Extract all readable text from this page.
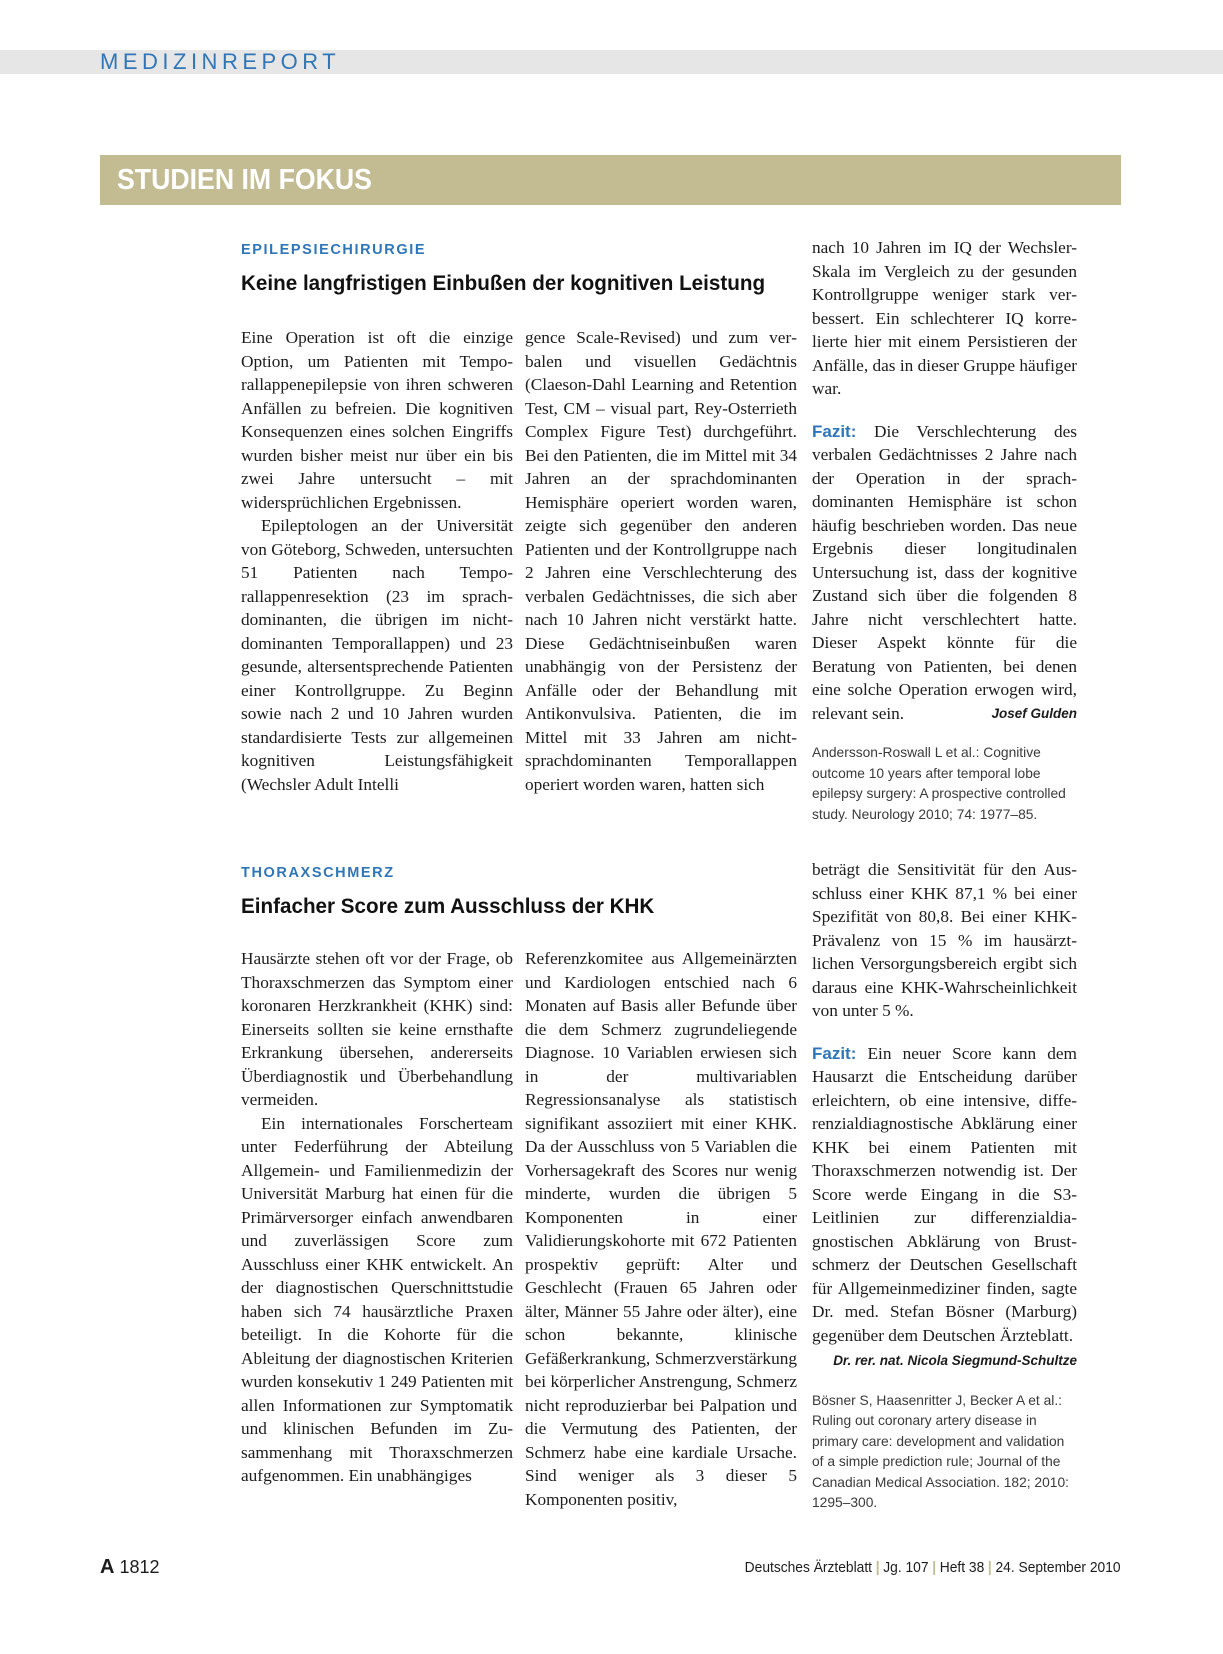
MEDIZINREPORT
STUDIEN IM FOKUS
EPILEPSIECHIRURGIE
Keine langfristigen Einbußen der kognitiven Leistung

Eine Operation ist oft die einzige Option, um Patienten mit Temporallappenepilepsie von ihren schweren Anfällen zu befreien. Die kognitiven Konsequenzen eines solchen Eingriffs wurden bisher meist nur über ein bis zwei Jahre untersucht – mit widersprüchlichen Ergebnissen.

Epileptologen an der Universität von Göteborg, Schweden, untersuchten 51 Patienten nach Temporallappenresektion (23 im sprachdominanten, die übrigen im nichtdominanten Temporallappen) und 23 gesunde, altersentsprechende Patienten einer Kontrollgruppe. Zu Beginn sowie nach 2 und 10 Jahren wurden standardisierte Tests zur allgemeinen kognitiven Leistungsfähigkeit (Wechsler Adult Intelli

gence Scale-Revised) und zum verbalen und visuellen Gedächtnis (Claeson-Dahl Learning and Retention Test, CM – visual part, Rey-Osterrieth Complex Figure Test) durchgeführt. Bei den Patienten, die im Mittel mit 34 Jahren an der sprachdominanten Hemisphäre operiert worden waren, zeigte sich gegenüber den anderen Patienten und der Kontrollgruppe nach 2 Jahren eine Verschlechterung des verbalen Gedächtnisses, die sich aber nach 10 Jahren nicht verstärkt hatte. Diese Gedächtniseinbußen waren unabhängig von der Persistenz der Anfälle oder der Behandlung mit Antikonvulsiva. Patienten, die im Mittel mit 33 Jahren am nichtsprachdominanten Temporallappen operiert worden waren, hatten sich

nach 10 Jahren im IQ der Wechsler-Skala im Vergleich zu der gesunden Kontrollgruppe weniger stark verbessert. Ein schlechterer IQ korrelierte hier mit einem Persistieren der Anfälle, das in dieser Gruppe häufiger war.

Fazit: Die Verschlechterung des verbalen Gedächtnisses 2 Jahre nach der Operation in der sprachdominanten Hemisphäre ist schon häufig beschrieben worden. Das neue Ergebnis dieser longitudinalen Untersuchung ist, dass der kognitive Zustand sich über die folgenden 8 Jahre nicht verschlechtert hatte. Dieser Aspekt könnte für die Beratung von Patienten, bei denen eine solche Operation erwogen wird, relevant sein.	Josef Gulden

Andersson-Roswall L et al.: Cognitive outcome 10 years after temporal lobe epilepsy surgery: A prospective controlled study. Neurology 2010; 74: 1977–85.
THORAXSCHMERZ
Einfacher Score zum Ausschluss der KHK

Hausärzte stehen oft vor der Frage, ob Thoraxschmerzen das Symptom einer koronaren Herzkrankheit (KHK) sind: Einerseits sollten sie keine ernsthafte Erkrankung übersehen, andererseits Überdiagnostik und Überbehandlung vermeiden.

Ein internationales Forscherteam unter Federführung der Abteilung Allgemein- und Familienmedizin der Universität Marburg hat einen für die Primärversorger einfach anwendbaren und zuverlässigen Score zum Ausschluss einer KHK entwickelt. An der diagnostischen Querschnittstudie haben sich 74 hausärztliche Praxen beteiligt. In die Kohorte für die Ableitung der diagnostischen Kriterien wurden konsekutiv 1 249 Patienten mit allen Informationen zur Symptomatik und klinischen Befunden im Zusammenhang mit Thoraxschmerzen aufgenommen. Ein unabhängiges

Referenzkomitee aus Allgemeinärzten und Kardiologen entschied nach 6 Monaten auf Basis aller Befunde über die dem Schmerz zugrundeliegende Diagnose. 10 Variablen erwiesen sich in der multivariablen Regressionsanalyse als statistisch signifikant assoziiert mit einer KHK. Da der Ausschluss von 5 Variablen die Vorhersagekraft des Scores nur wenig minderte, wurden die übrigen 5 Komponenten in einer Validierungskohorte mit 672 Patienten prospektiv geprüft: Alter und Geschlecht (Frauen 65 Jahren oder älter, Männer 55 Jahre oder älter), eine schon bekannte, klinische Gefäßerkrankung, Schmerzverstärkung bei körperlicher Anstrengung, Schmerz nicht reproduzierbar bei Palpation und die Vermutung des Patienten, der Schmerz habe eine kardiale Ursache. Sind weniger als 3 dieser 5 Komponenten positiv,

beträgt die Sensitivität für den Ausschluss einer KHK 87,1 % bei einer Spezifität von 80,8. Bei einer KHK-Prävalenz von 15 % im hausärztlichen Versorgungsbereich ergibt sich daraus eine KHK-Wahrscheinlichkeit von unter 5 %.

Fazit: Ein neuer Score kann dem Hausarzt die Entscheidung darüber erleichtern, ob eine intensive, differenzialdiagnostische Abklärung einer KHK bei einem Patienten mit Thoraxschmerzen notwendig ist. Der Score werde Eingang in die S3-Leitlinien zur differenzialdiagnostischen Abklärung von Brustschmerz der Deutschen Gesellschaft für Allgemeinmediziner finden, sagte Dr. med. Stefan Bösner (Marburg) gegenüber dem Deutschen Ärzteblatt.

Dr. rer. nat. Nicola Siegmund-Schultze
Bösner S, Haasenritter J, Becker A et al.: Ruling out coronary artery disease in primary care: development and validation of a simple prediction rule; Journal of the Canadian Medical Association. 182; 2010: 1295–300.
A 1812	Deutsches Ärzteblatt | Jg. 107 | Heft 38 | 24. September 2010
